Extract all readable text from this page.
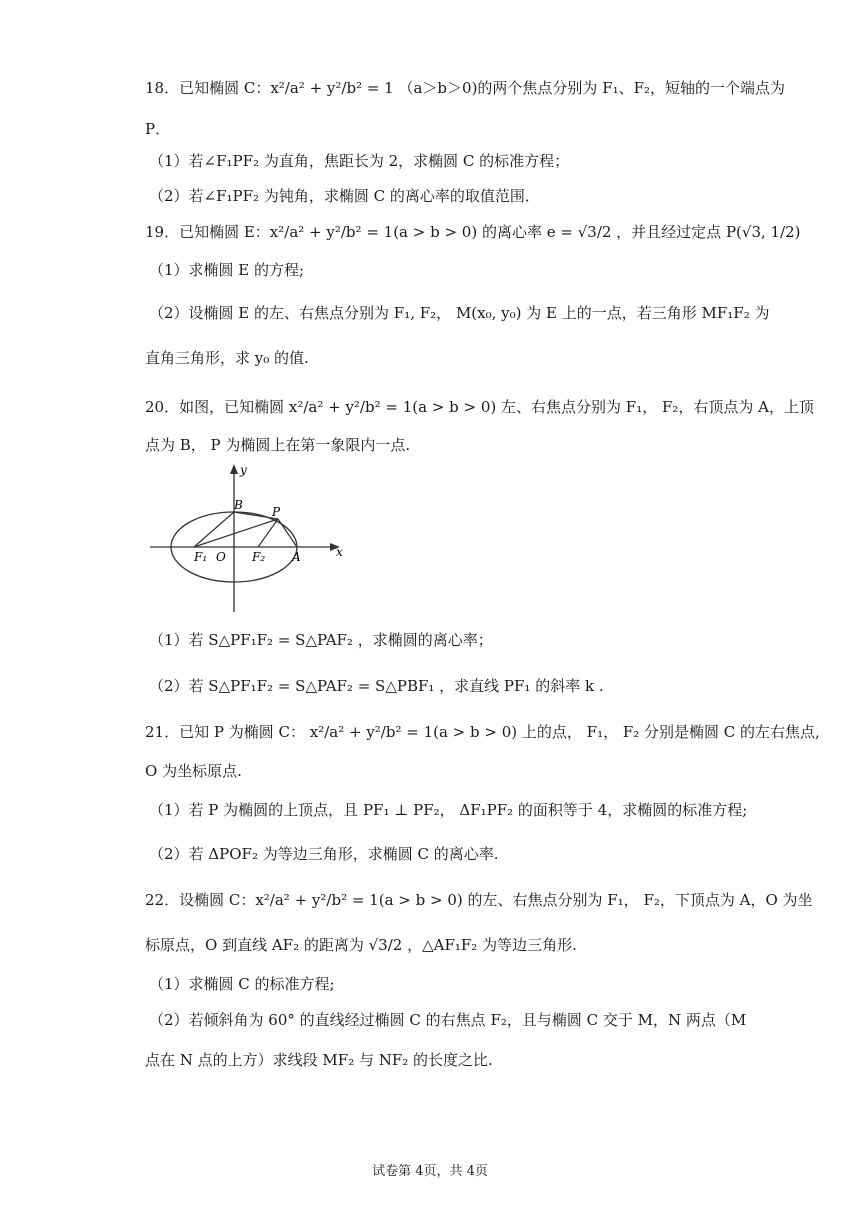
18．已知椭圆 C：x²/a² + y²/b² = 1 （a＞b＞0)的两个焦点分别为 F₁、F₂，短轴的一个端点为
P．
（1）若∠F₁PF₂ 为直角，焦距长为 2，求椭圆 C 的标准方程；
（2）若∠F₁PF₂ 为钝角，求椭圆 C 的离心率的取值范围．
19．已知椭圆 E：x²/a² + y²/b² = 1(a > b > 0) 的离心率 e = √3/2 ，并且经过定点 P(√3, 1/2)
（1）求椭圆 E 的方程;
（2）设椭圆 E 的左、右焦点分别为 F₁, F₂， M(x₀, y₀) 为 E 上的一点，若三角形 MF₁F₂ 为
直角三角形，求 y₀ 的值.
20．如图，已知椭圆 x²/a² + y²/b² = 1(a > b > 0) 左、右焦点分别为 F₁， F₂，右顶点为 A，上顶
点为 B， P 为椭圆上在第一象限内一点.
y
x
B P
F₁ O F₂ A
（1）若 S△PF₁F₂ = S△PAF₂ ，求椭圆的离心率；
（2）若 S△PF₁F₂ = S△PAF₂ = S△PBF₁ ，求直线 PF₁ 的斜率 k .
21．已知 P 为椭圆 C： x²/a² + y²/b² = 1(a > b > 0) 上的点， F₁， F₂ 分别是椭圆 C 的左右焦点,
O 为坐标原点.
（1）若 P 为椭圆的上顶点，且 PF₁ ⊥ PF₂， ΔF₁PF₂ 的面积等于 4，求椭圆的标准方程;
（2）若 ΔPOF₂ 为等边三角形，求椭圆 C 的离心率.
22．设椭圆 C：x²/a² + y²/b² = 1(a > b > 0) 的左、右焦点分别为 F₁， F₂，下顶点为 A，O 为坐
标原点，O 到直线 AF₂ 的距离为 √3/2 ，△AF₁F₂ 为等边三角形.
（1）求椭圆 C 的标准方程;
（2）若倾斜角为 60° 的直线经过椭圆 C 的右焦点 F₂，且与椭圆 C 交于 M，N 两点（M
点在 N 点的上方）求线段 MF₂ 与 NF₂ 的长度之比.
试卷第 4页，共 4页
